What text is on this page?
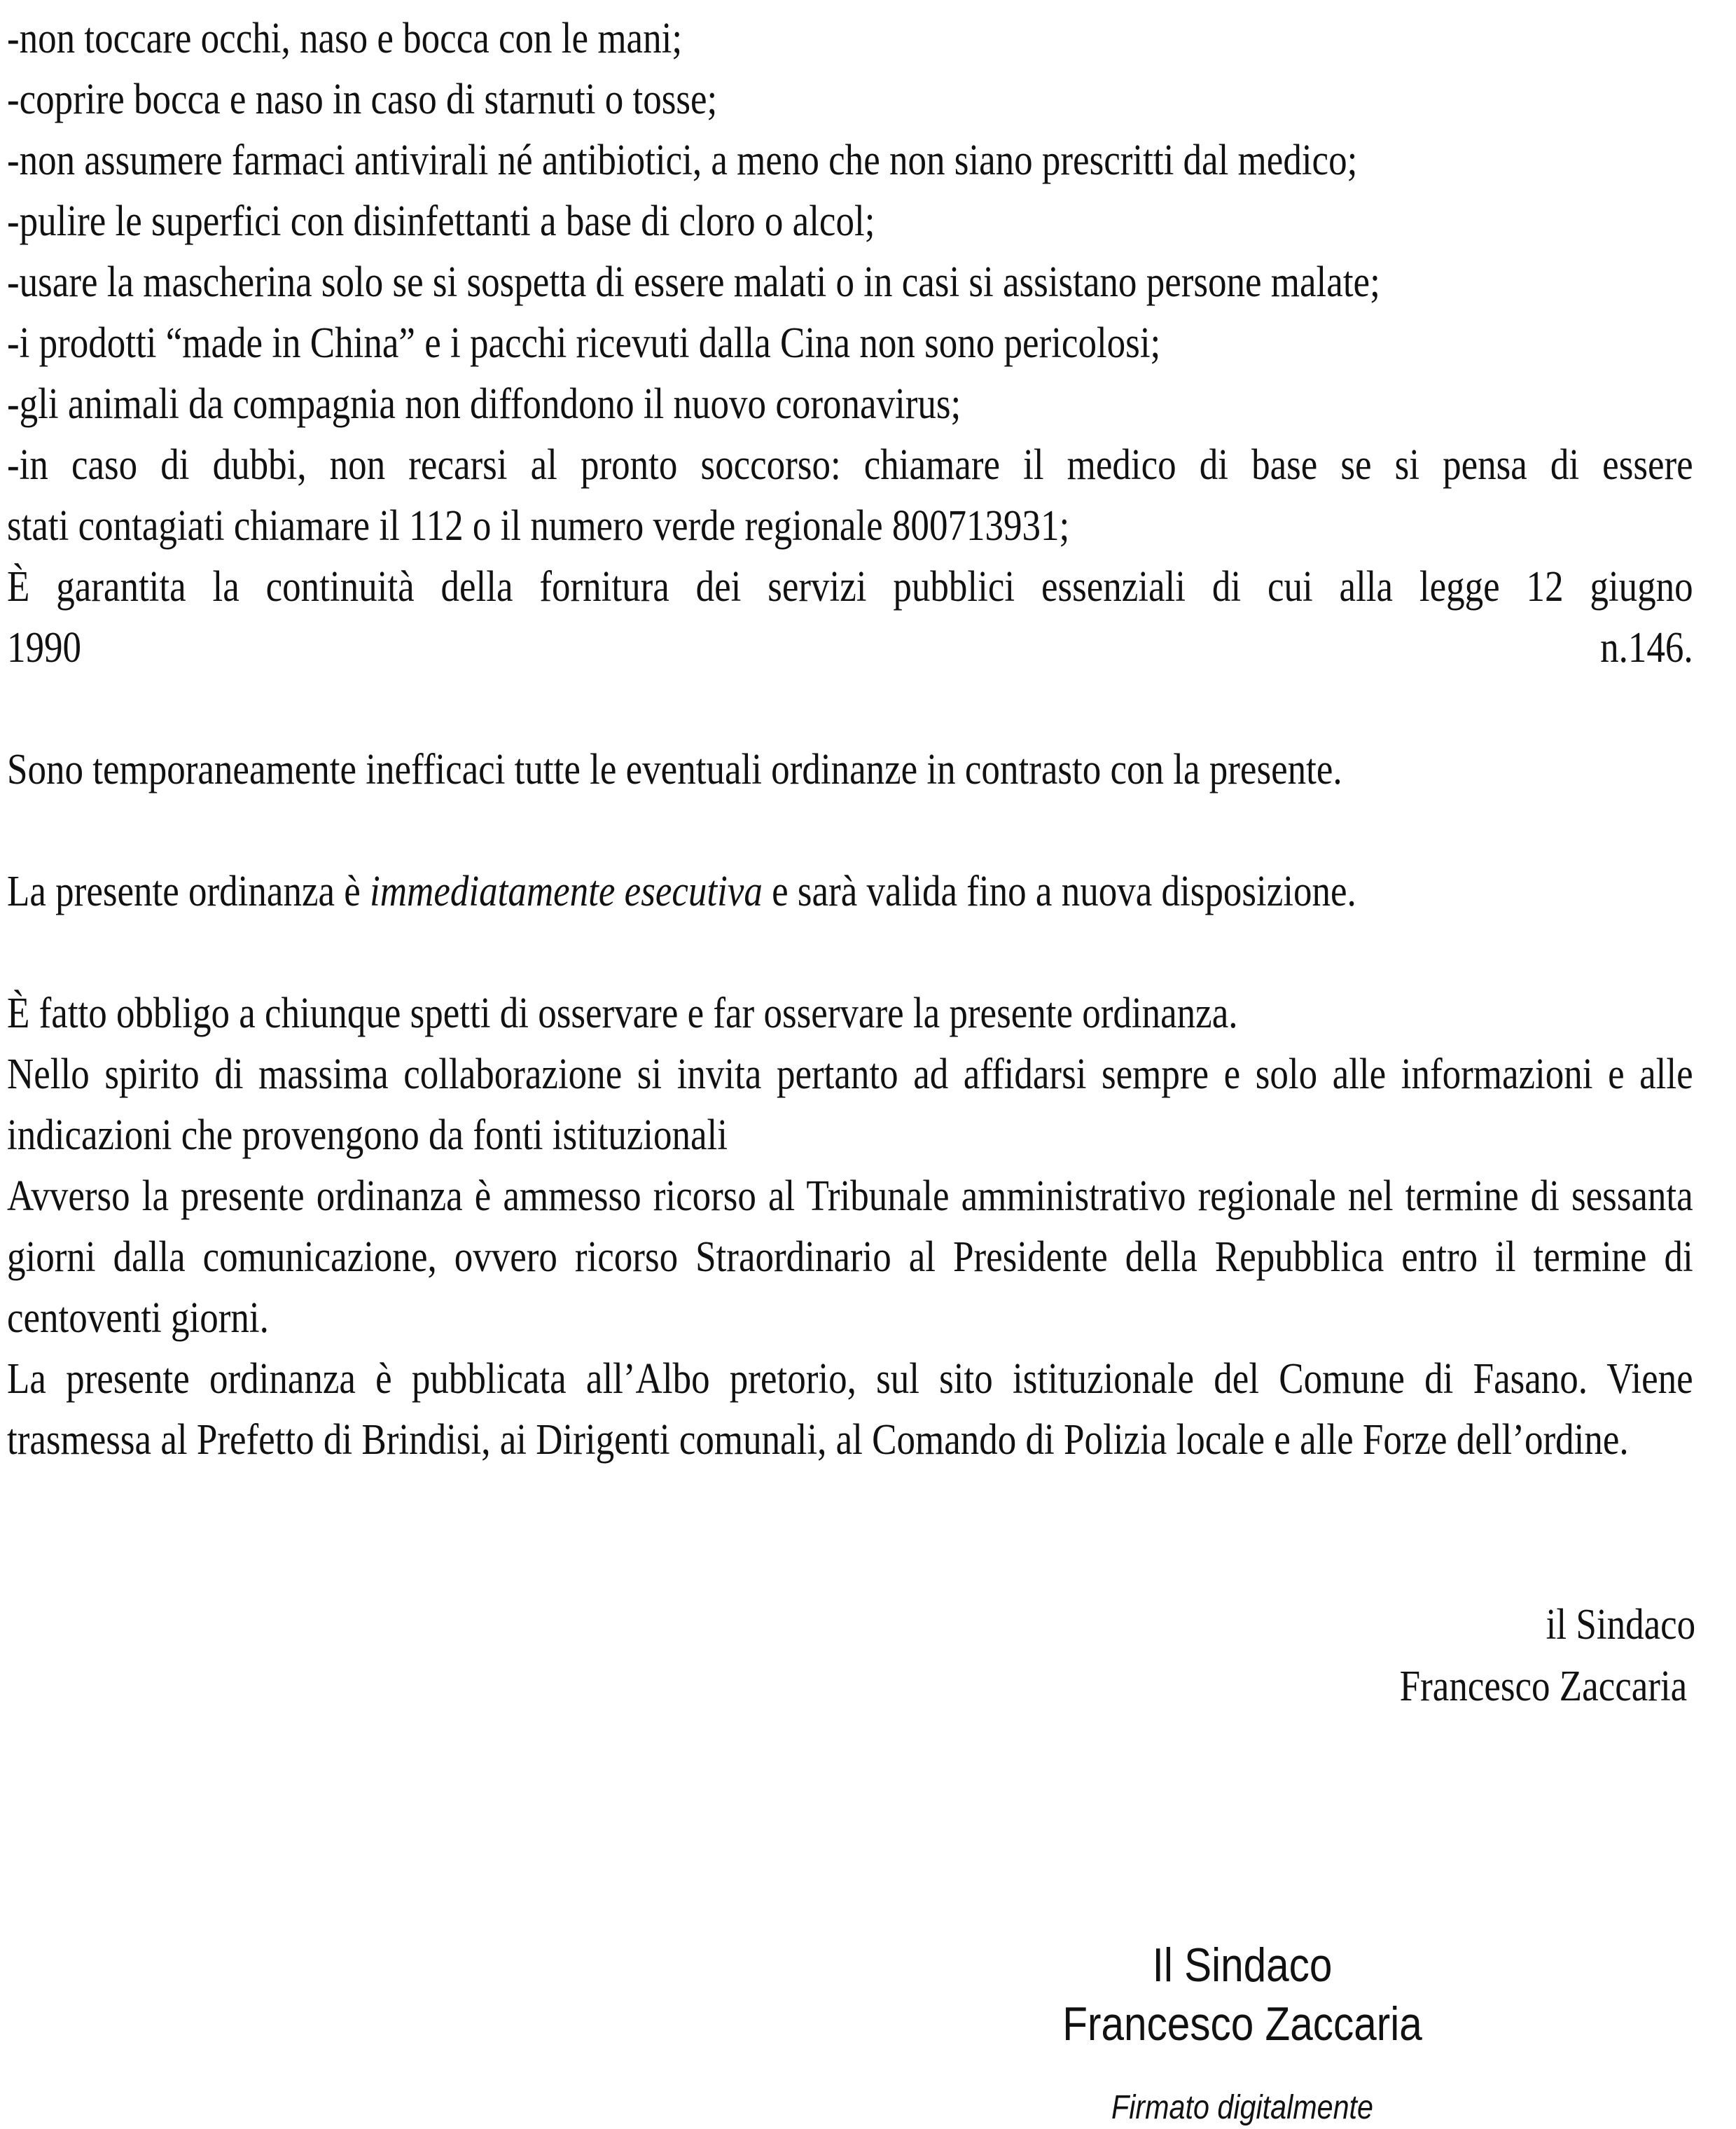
-non toccare occhi, naso e bocca con le mani;
-coprire bocca e naso in caso di starnuti o tosse;
-non assumere farmaci antivirali né antibiotici, a meno che non siano prescritti dal medico;
-pulire le superfici con disinfettanti a base di cloro o alcol;
-usare la mascherina solo se si sospetta di essere malati o in casi si assistano persone malate;
-i prodotti “made in China” e i pacchi ricevuti dalla Cina non sono pericolosi;
-gli animali da compagnia non diffondono il nuovo coronavirus;
-in caso di dubbi, non recarsi al pronto soccorso: chiamare il medico di base se si pensa di essere
stati contagiati chiamare il 112 o il numero verde regionale 800713931;
È garantita la continuità della fornitura dei servizi pubblici essenziali di cui alla legge 12 giugno
1990	n.146.
Sono temporaneamente inefficaci tutte le eventuali ordinanze in contrasto con la presente.
La presente ordinanza è immediatamente esecutiva e sarà valida fino a nuova disposizione.
È fatto obbligo a chiunque spetti di osservare e far osservare la presente ordinanza.
Nello spirito di massima collaborazione si invita pertanto ad affidarsi sempre e solo alle informazioni e alle indicazioni che provengono da fonti istituzionali
Avverso la presente ordinanza è ammesso ricorso al Tribunale amministrativo regionale nel termine di sessanta giorni dalla comunicazione, ovvero ricorso Straordinario al Presidente della Repubblica entro il termine di centoventi giorni.
La presente ordinanza è pubblicata all’Albo pretorio, sul sito istituzionale del Comune di Fasano. Viene trasmessa al Prefetto di Brindisi, ai Dirigenti comunali, al Comando di Polizia locale e alle Forze dell’ordine.
il Sindaco
Francesco Zaccaria
Il Sindaco
Francesco Zaccaria
Firmato digitalmente
